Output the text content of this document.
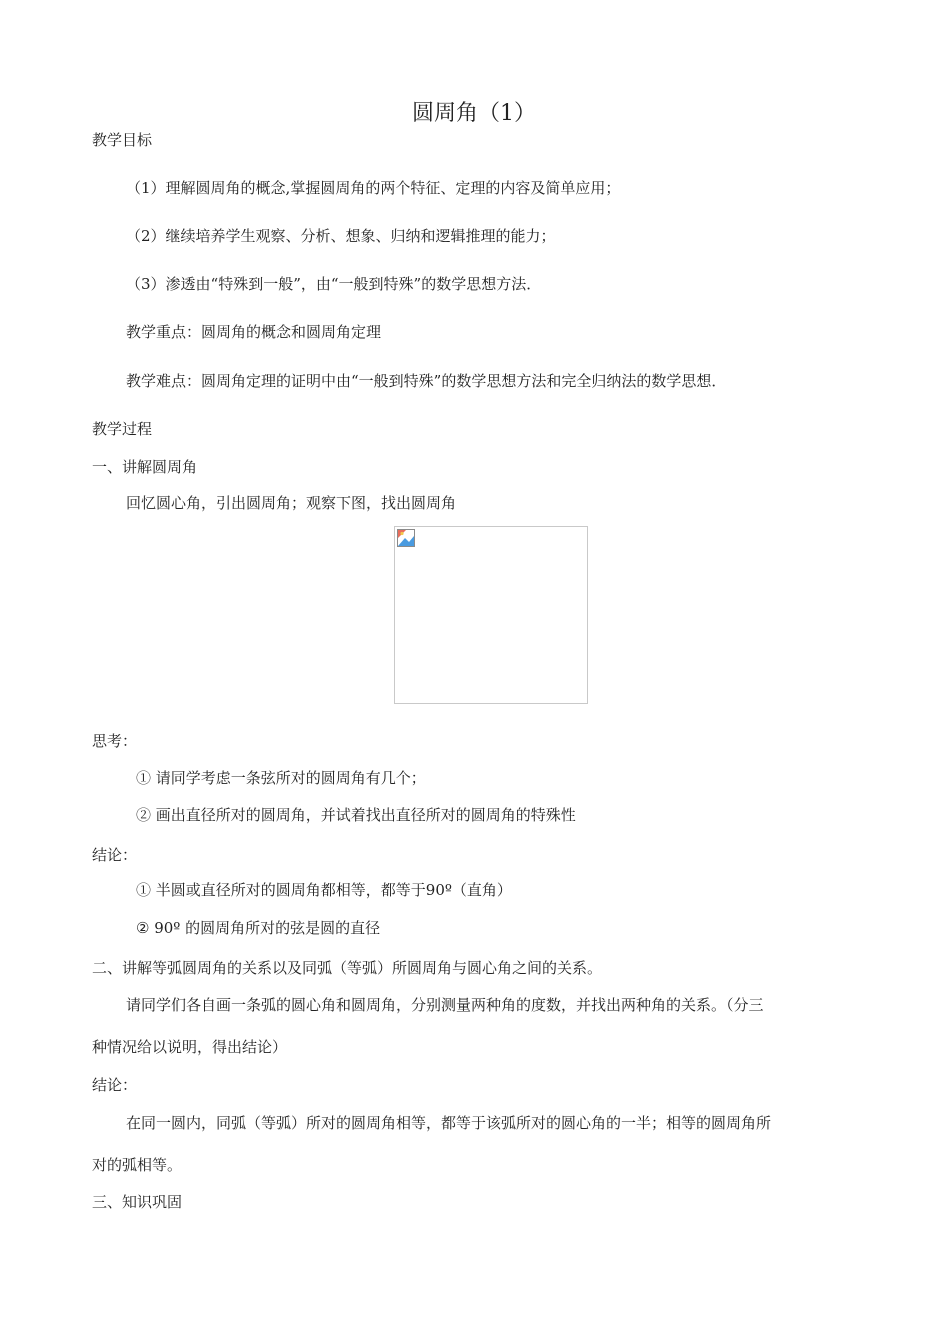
圆周角（1）
教学目标
（1）理解圆周角的概念,掌握圆周角的两个特征、定理的内容及简单应用；
（2）继续培养学生观察、分析、想象、归纳和逻辑推理的能力；
（3）渗透由“特殊到一般”，由“一般到特殊”的数学思想方法．
教学重点：圆周角的概念和圆周角定理
教学难点：圆周角定理的证明中由“一般到特殊”的数学思想方法和完全归纳法的数学思想．
教学过程
一、讲解圆周角
回忆圆心角，引出圆周角；观察下图，找出圆周角
思考：
① 请同学考虑一条弦所对的圆周角有几个；
② 画出直径所对的圆周角，并试着找出直径所对的圆周角的特殊性
结论：
① 半圆或直径所对的圆周角都相等，都等于90º（直角）
② 90º 的圆周角所对的弦是圆的直径
二、讲解等弧圆周角的关系以及同弧（等弧）所圆周角与圆心角之间的关系。
请同学们各自画一条弧的圆心角和圆周角，分别测量两种角的度数，并找出两种角的关系。（分三
种情况给以说明，得出结论）
结论：
在同一圆内，同弧（等弧）所对的圆周角相等，都等于该弧所对的圆心角的一半；相等的圆周角所
对的弧相等。
三、知识巩固
